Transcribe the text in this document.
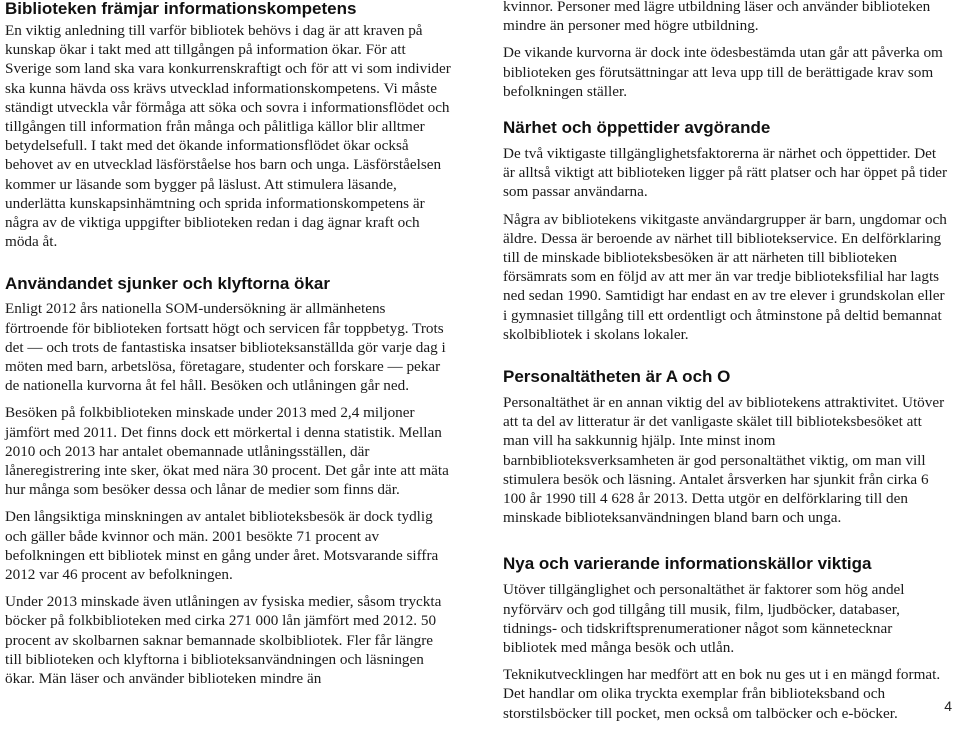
Biblioteken främjar informationskompetens

En viktig anledning till varför bibliotek behövs i dag är att kraven på kunskap ökar i takt med att tillgången på information ökar. För att Sverige som land ska vara konkurrenskraftigt och för att vi som individer ska kunna hävda oss krävs utvecklad informationskompetens. Vi måste ständigt utveckla vår förmåga att söka och sovra i informationsflödet och tillgången till information från många och pålitliga källor blir alltmer betydelsefull. I takt med det ökande informationsflödet ökar också behovet av en utvecklad läsförståelse hos barn och unga. Läsförståelsen kommer ur läsande som bygger på läslust. Att stimulera läsande, underlätta kunskapsinhämtning och sprida informationskompetens är några av de viktiga uppgifter biblioteken redan i dag ägnar kraft och möda åt.

Användandet sjunker och klyftorna ökar

Enligt 2012 års nationella SOM-undersökning är allmänhetens förtroende för biblioteken fortsatt högt och servicen får toppbetyg. Trots det — och trots de fantastiska insatser biblioteksanställda gör varje dag i möten med barn, arbetslösa, företagare, studenter och forskare — pekar de nationella kurvorna åt fel håll. Besöken och utlåningen går ned.

Besöken på folkbiblioteken minskade under 2013 med 2,4 miljoner jämfört med 2011. Det finns dock ett mörkertal i denna statistik. Mellan 2010 och 2013 har antalet obemannade utlåningsställen, där låneregistrering inte sker, ökat med nära 30 procent. Det går inte att mäta hur många som besöker dessa och lånar de medier som finns där.

Den långsiktiga minskningen av antalet biblioteksbesök är dock tydlig och gäller både kvinnor och män. 2001 besökte 71 procent av befolkningen ett bibliotek minst en gång under året. Motsvarande siffra 2012 var 46 procent av befolkningen.

Under 2013 minskade även utlåningen av fysiska medier, såsom tryckta böcker på folkbiblioteken med cirka 271 000 lån jämfört med 2012. 50 procent av skolbarnen saknar bemannade skolbibliotek. Fler får längre till biblioteken och klyftorna i biblioteksanvändningen och läsningen ökar. Män läser och använder biblioteken mindre än

kvinnor. Personer med lägre utbildning läser och använder biblioteken mindre än personer med högre utbildning.

De vikande kurvorna är dock inte ödesbestämda utan går att påverka om biblioteken ges förutsättningar att leva upp till de berättigade krav som befolkningen ställer.

Närhet och öppettider avgörande

De två viktigaste tillgänglighetsfaktorerna är närhet och öppettider. Det är alltså viktigt att biblioteken ligger på rätt platser och har öppet på tider som passar användarna.

Några av bibliotekens vikitgaste användargrupper är barn, ungdomar och äldre. Dessa är beroende av närhet till bibliotekservice. En delförklaring till de minskade biblioteksbesöken är att närheten till biblioteken försämrats som en följd av att mer än var tredje biblioteksfilial har lagts ned sedan 1990. Samtidigt har endast en av tre elever i grundskolan eller i gymnasiet tillgång till ett ordentligt och åtminstone på deltid bemannat skolbibliotek i skolans lokaler.

Personaltätheten är A och O

Personaltäthet är en annan viktig del av bibliotekens attraktivitet. Utöver att ta del av litteratur är det vanligaste skälet till biblioteksbesöket att man vill ha sakkunnig hjälp. Inte minst inom barnbiblioteksverksamheten är god personaltäthet viktig, om man vill stimulera besök och läsning. Antalet årsverken har sjunkit från cirka 6 100 år 1990 till 4 628 år 2013. Detta utgör en delförklaring till den minskade biblioteksanvändningen bland barn och unga.

Nya och varierande informationskällor viktiga

Utöver tillgänglighet och personaltäthet är faktorer som hög andel nyförvärv och god tillgång till musik, film, ljudböcker, databaser, tidnings- och tidskriftsprenumerationer något som kännetecknar bibliotek med många besök och utlån.

Teknikutvecklingen har medfört att en bok nu ges ut i en mängd format. Det handlar om olika tryckta exemplar från biblioteksband och storstilsböcker till pocket, men också om talböcker och e-böcker.	4
